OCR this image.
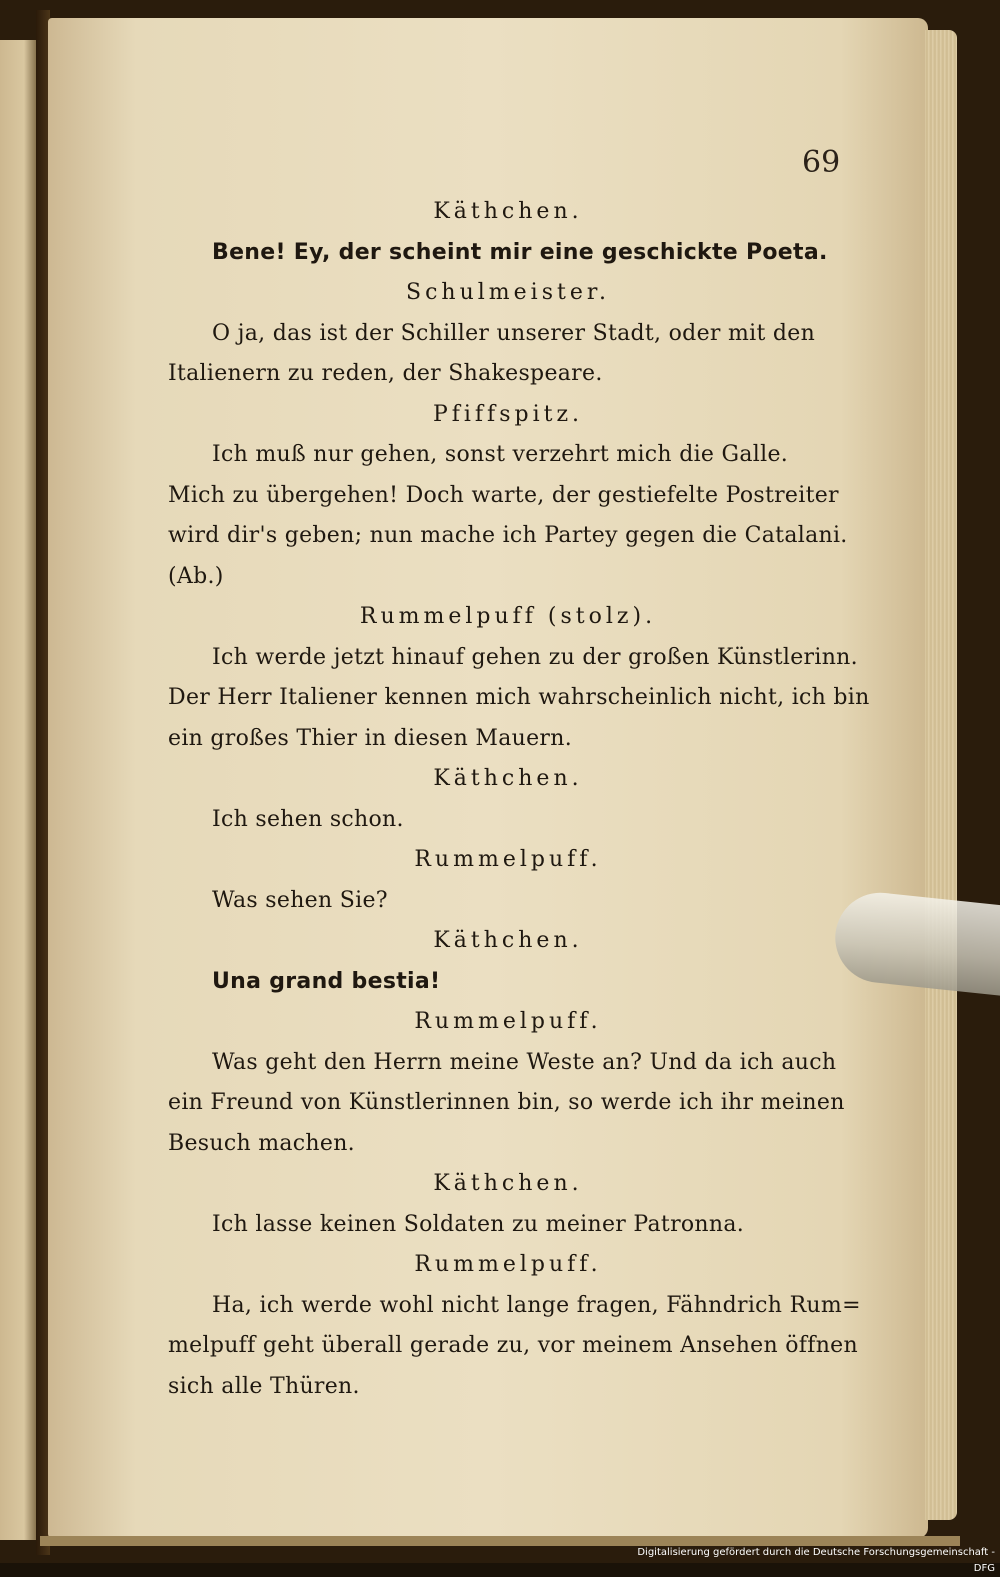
69
Käthchen.
Bene! Ey, der scheint mir eine geschickte Poeta.
Schulmeister.
O ja, das ist der Schiller unserer Stadt, oder mit den
Italienern zu reden, der Shakespeare.
Pfiffspitz.
Ich muß nur gehen, sonst verzehrt mich die Galle.
Mich zu übergehen! Doch warte, der gestiefelte Postreiter
wird dir's geben; nun mache ich Partey gegen die Catalani.
(Ab.)
Rummelpuff (stolz).
Ich werde jetzt hinauf gehen zu der großen Künstlerinn.
Der Herr Italiener kennen mich wahrscheinlich nicht, ich bin
ein großes Thier in diesen Mauern.
Käthchen.
Ich sehen schon.
Rummelpuff.
Was sehen Sie?
Käthchen.
Una grand bestia!
Rummelpuff.
Was geht den Herrn meine Weste an? Und da ich auch
ein Freund von Künstlerinnen bin, so werde ich ihr meinen
Besuch machen.
Käthchen.
Ich lasse keinen Soldaten zu meiner Patronna.
Rummelpuff.
Ha, ich werde wohl nicht lange fragen, Fähndrich Rum=
melpuff geht überall gerade zu, vor meinem Ansehen öffnen
sich alle Thüren.
Digitalisierung gefördert durch die Deutsche Forschungsgemeinschaft - DFG
